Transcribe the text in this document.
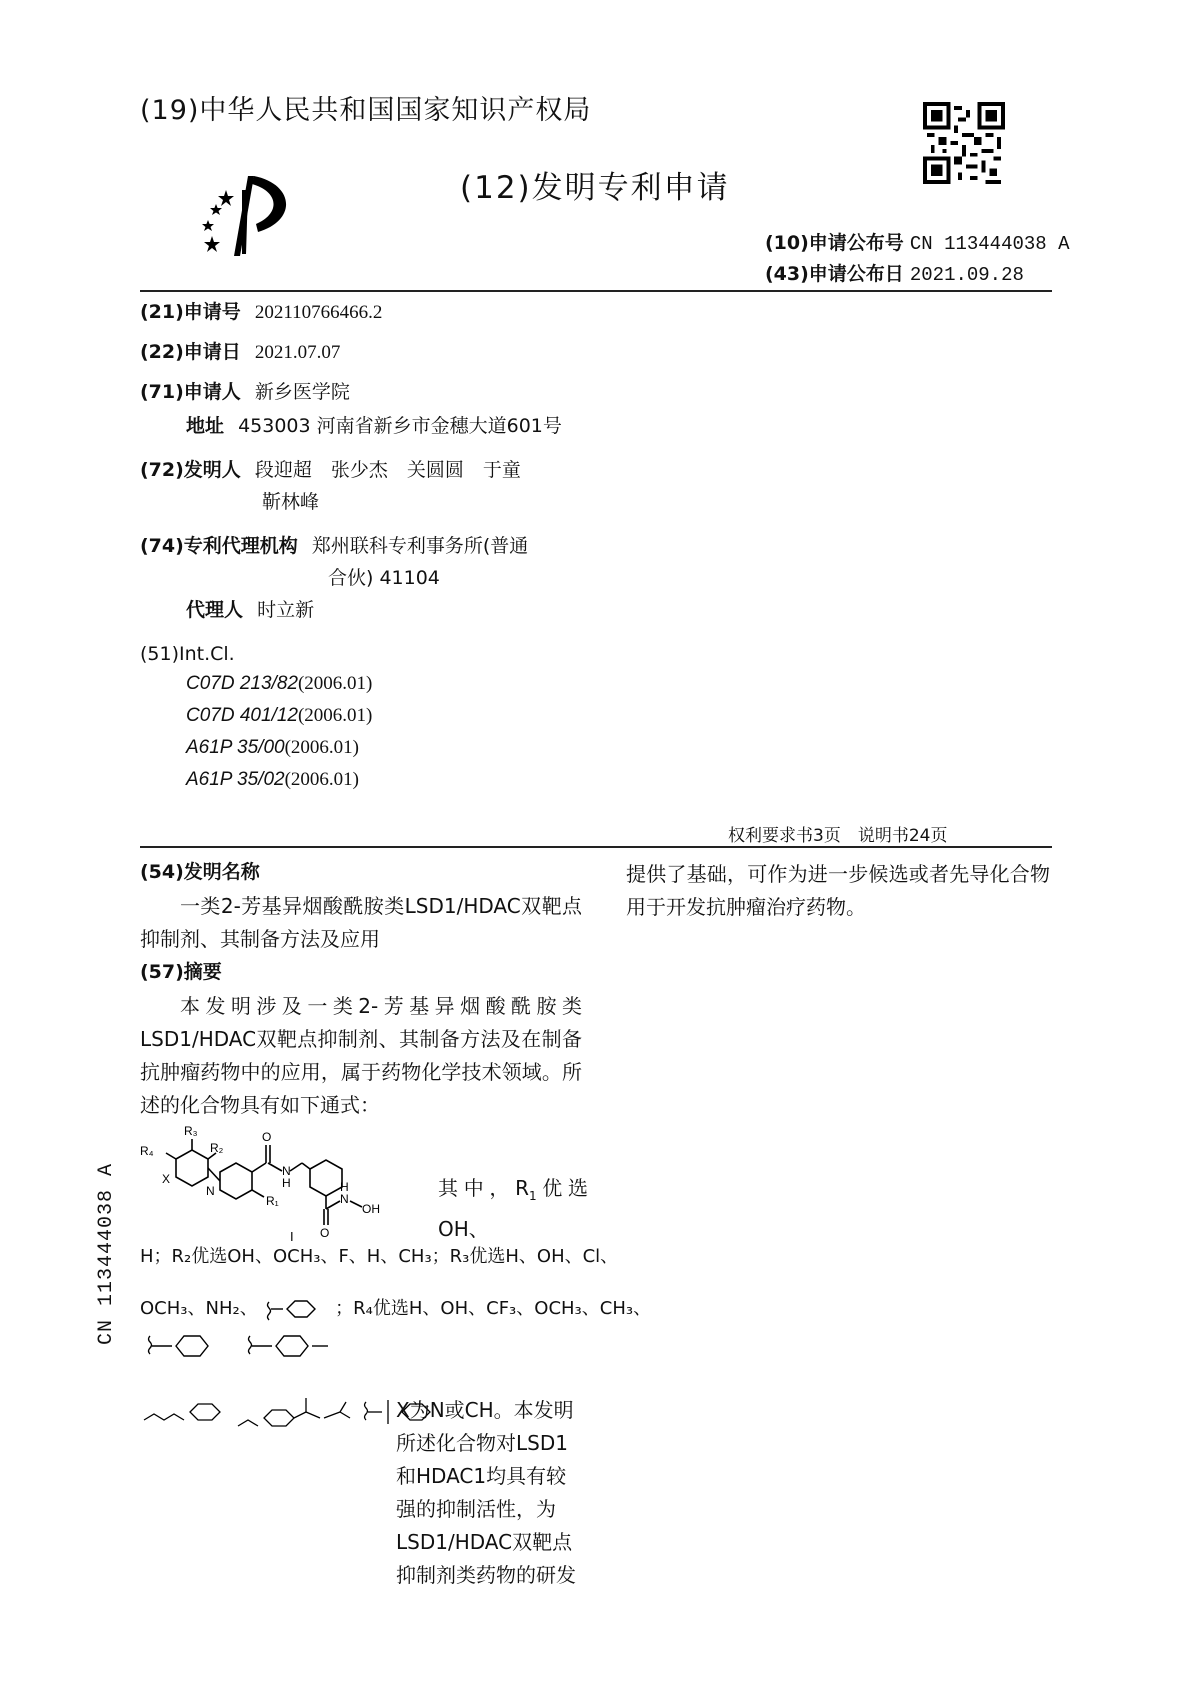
(19)中华人民共和国国家知识产权局
(12)发明专利申请
(10)申请公布号 CN 113444038 A
(43)申请公布日 2021.09.28
(21)申请号 202110766466.2
(22)申请日 2021.07.07
(71)申请人 新乡医学院
地址 453003 河南省新乡市金穗大道601号
(72)发明人 段迎超　张少杰　关圆圆　于童
靳林峰
(74)专利代理机构 郑州联科专利事务所(普通
合伙) 41104
代理人 时立新
(51)Int.Cl.
C07D 213/82(2006.01)
C07D 401/12(2006.01)
A61P 35/00(2006.01)
A61P 35/02(2006.01)
权利要求书3页　说明书24页
(54)发明名称
一类2-芳基异烟酸酰胺类LSD1/HDAC双靶点抑制剂、其制备方法及应用
(57)摘要
本发明涉及一类2-芳基异烟酸酰胺类LSD1/HDAC双靶点抑制剂、其制备方法及在制备抗肿瘤药物中的应用，属于药物化学技术领域。所述的化合物具有如下通式：
R₃
R₂
R₄
X
N
R₁
O
N
H
N
H
OH
O
I
其中，$R_1$优选OH、
H；R₂优选OH、OCH₃、F、H、CH₃；R₃优选H、OH、Cl、
OCH₃、NH₂、	；R₄优选H、OH、CF₃、OCH₃、CH₃、
X为N或CH。本发明所述化合物对LSD1和HDAC1均具有较强的抑制活性，为LSD1/HDAC双靶点抑制剂类药物的研发
提供了基础，可作为进一步候选或者先导化合物用于开发抗肿瘤治疗药物。
CN 113444038 A
